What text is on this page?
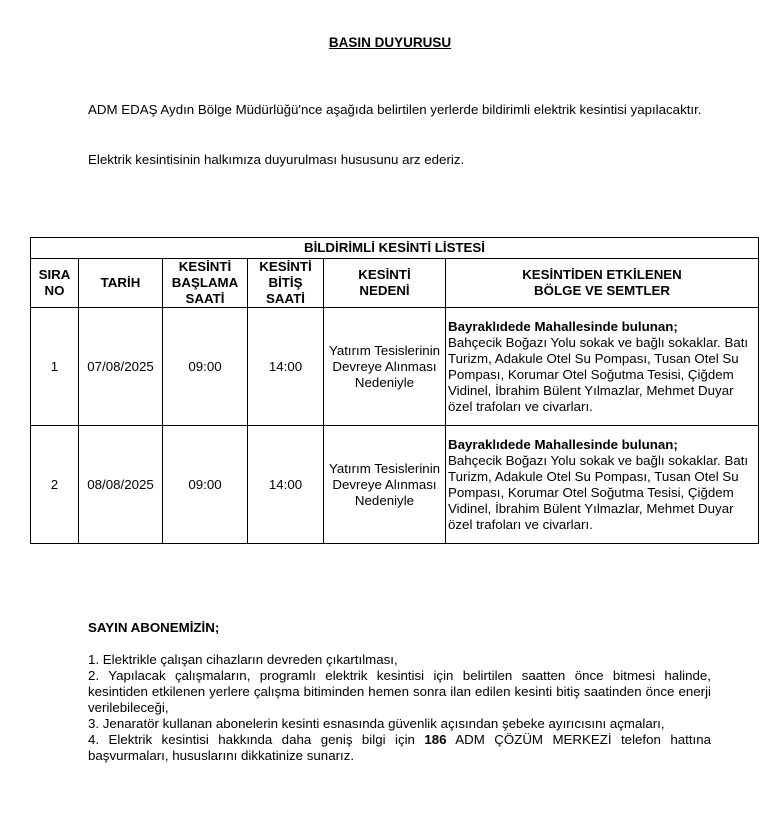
BASIN DUYURUSU
ADM EDAŞ Aydın Bölge Müdürlüğü'nce aşağıda belirtilen yerlerde bildirimli elektrik kesintisi yapılacaktır.
Elektrik kesintisinin halkımıza duyurulması hususunu arz ederiz.
BİLDİRİMLİ KESİNTİ LİSTESİ					
SIRA
NO	TARİH	KESİNTİ
BAŞLAMA
SAATİ	KESİNTİ
BİTİŞ
SAATİ	KESİNTİ
NEDENİ	KESİNTİDEN ETKİLENEN
BÖLGE VE SEMTLER
1	07/08/2025	09:00	14:00	Yatırım Tesislerinin Devreye Alınması Nedeniyle	Bayraklıdede Mahallesinde bulunan;
Bahçecik Boğazı Yolu sokak ve bağlı sokaklar. Batı Turizm, Adakule Otel Su Pompası, Tusan Otel Su Pompası, Korumar Otel Soğutma Tesisi, Çiğdem Vidinel, İbrahim Bülent Yılmazlar, Mehmet Duyar özel trafoları ve civarları.
2	08/08/2025	09:00	14:00	Yatırım Tesislerinin Devreye Alınması Nedeniyle	Bayraklıdede Mahallesinde bulunan;
Bahçecik Boğazı Yolu sokak ve bağlı sokaklar. Batı Turizm, Adakule Otel Su Pompası, Tusan Otel Su Pompası, Korumar Otel Soğutma Tesisi, Çiğdem Vidinel, İbrahim Bülent Yılmazlar, Mehmet Duyar özel trafoları ve civarları.
SAYIN ABONEMİZİN;

1. Elektrikle çalışan cihazların devreden çıkartılması,

2. Yapılacak çalışmaların, programlı elektrik kesintisi için belirtilen saatten önce bitmesi halinde, kesintiden etkilenen yerlere çalışma bitiminden hemen sonra ilan edilen kesinti bitiş saatinden önce enerji verilebileceği,

3. Jenaratör kullanan abonelerin kesinti esnasında güvenlik açısından şebeke ayırıcısını açmaları,

4. Elektrik kesintisi hakkında daha geniş bilgi için 186 ADM ÇÖZÜM MERKEZİ telefon hattına başvurmaları, hususlarını dikkatinize sunarız.
